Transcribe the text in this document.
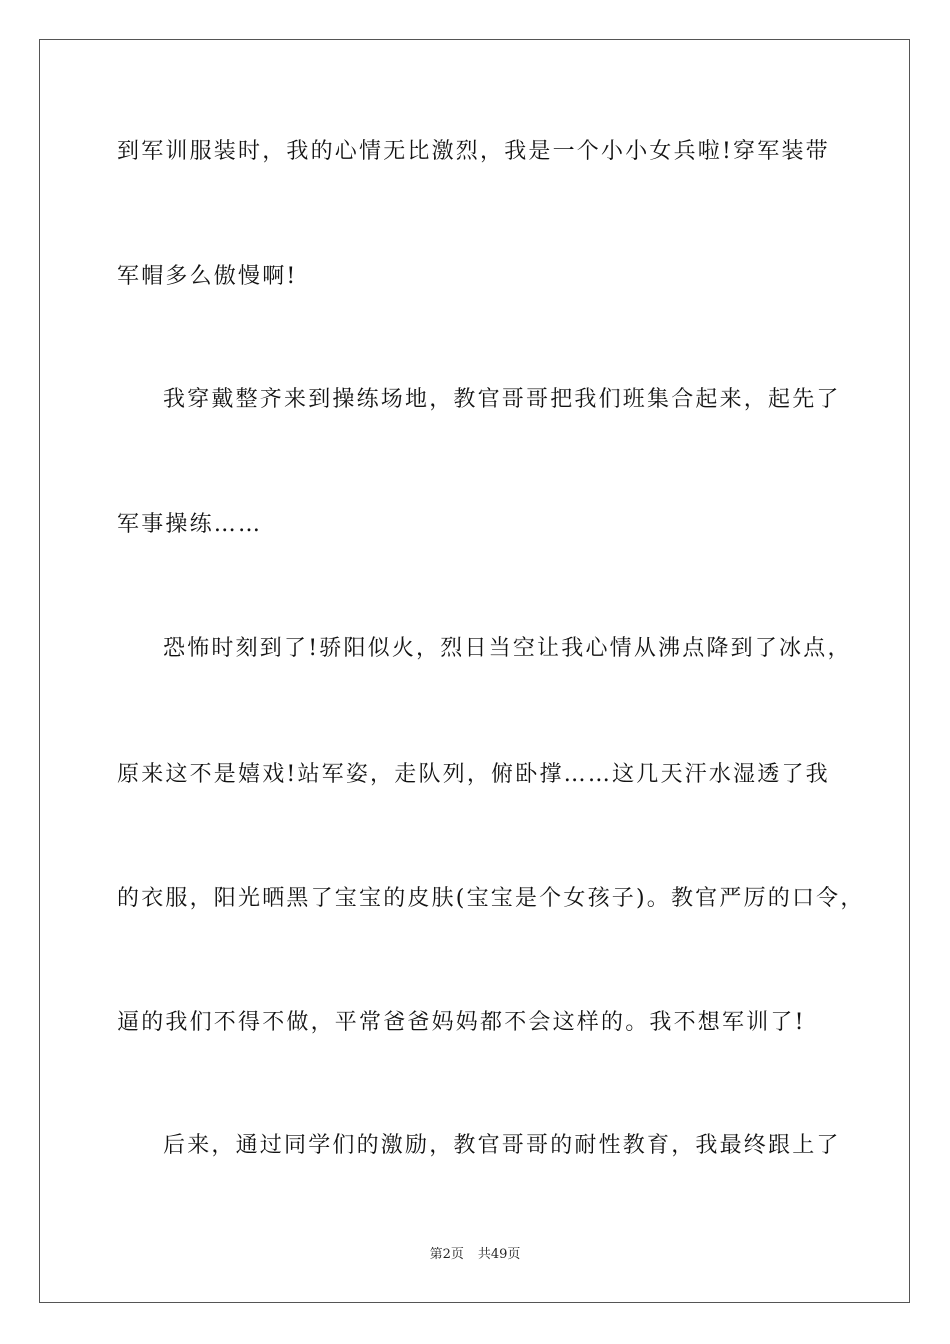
到军训服装时，我的心情无比激烈，我是一个小小女兵啦!穿军装带
军帽多么傲慢啊!
我穿戴整齐来到操练场地，教官哥哥把我们班集合起来，起先了
军事操练……
恐怖时刻到了!骄阳似火，烈日当空让我心情从沸点降到了冰点，
原来这不是嬉戏!站军姿，走队列，俯卧撑……这几天汗水湿透了我
的衣服，阳光晒黑了宝宝的皮肤(宝宝是个女孩子)。教官严厉的口令，
逼的我们不得不做，平常爸爸妈妈都不会这样的。我不想军训了!
后来，通过同学们的激励，教官哥哥的耐性教育，我最终跟上了
第2页 共49页
